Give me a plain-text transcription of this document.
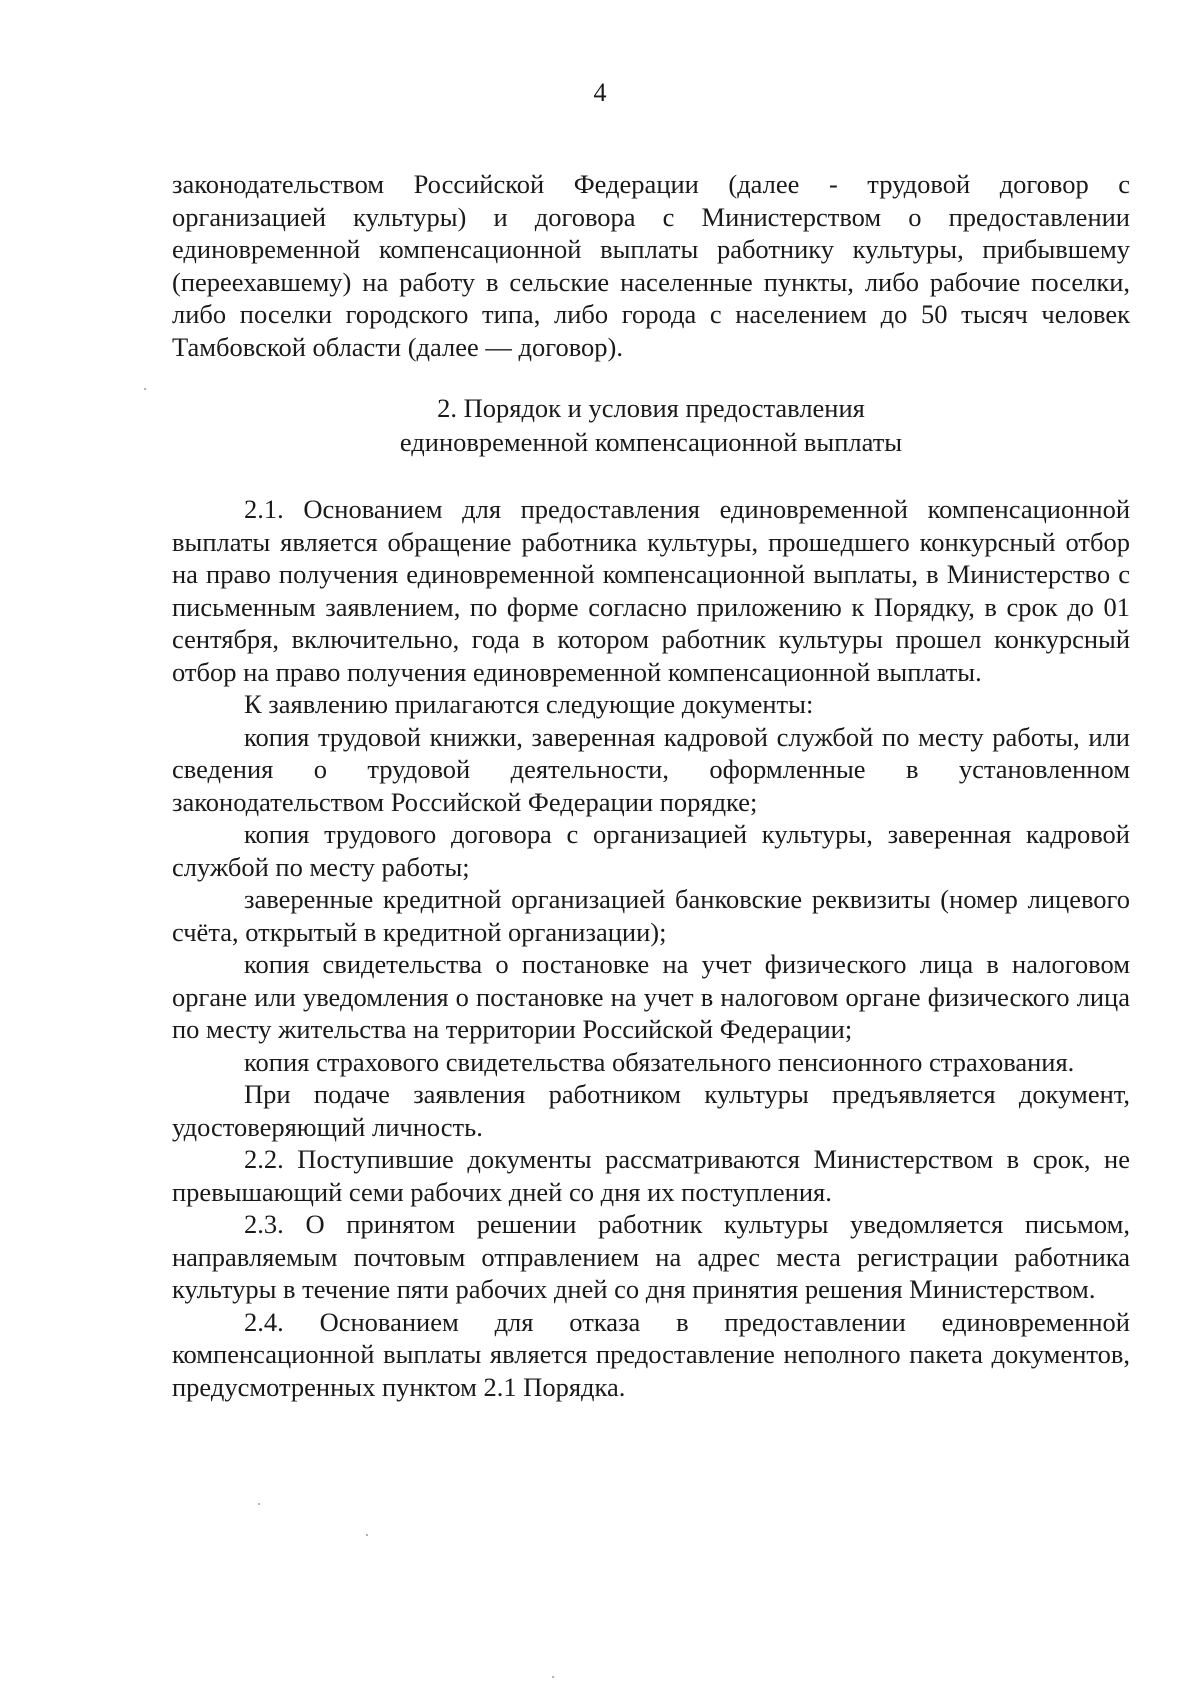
4

законодательством Российской Федерации (далее - трудовой договор с организацией культуры) и договора с Министерством о предоставлении единовременной компенсационной выплаты работнику культуры, прибывшему (переехавшему) на работу в сельские населенные пункты, либо рабочие поселки, либо поселки городского типа, либо города с населением до 50 тысяч человек Тамбовской области (далее — договор).

2. Порядок и условия предоставления
единовременной компенсационной выплаты

2.1. Основанием для предоставления единовременной компенсационной выплаты является обращение работника культуры, прошедшего конкурсный отбор на право получения единовременной компенсационной выплаты, в Министерство с письменным заявлением, по форме согласно приложению к Порядку, в срок до 01 сентября, включительно, года в котором работник культуры прошел конкурсный отбор на право получения единовременной компенсационной выплаты.

К заявлению прилагаются следующие документы:

копия трудовой книжки, заверенная кадровой службой по месту работы, или сведения о трудовой деятельности, оформленные в установленном законодательством Российской Федерации порядке;

копия трудового договора с организацией культуры, заверенная кадровой службой по месту работы;

заверенные кредитной организацией банковские реквизиты (номер лицевого счёта, открытый в кредитной организации);

копия свидетельства о постановке на учет физического лица в налоговом органе или уведомления о постановке на учет в налоговом органе физического лица по месту жительства на территории Российской Федерации;

копия страхового свидетельства обязательного пенсионного страхования.

При подаче заявления работником культуры предъявляется документ, удостоверяющий личность.

2.2. Поступившие документы рассматриваются Министерством в срок, не превышающий семи рабочих дней со дня их поступления.

2.3. О принятом решении работник культуры уведомляется письмом, направляемым почтовым отправлением на адрес места регистрации работника культуры в течение пяти рабочих дней со дня принятия решения Министерством.

2.4. Основанием для отказа в предоставлении единовременной компенсационной выплаты является предоставление неполного пакета документов, предусмотренных пунктом 2.1 Порядка.
